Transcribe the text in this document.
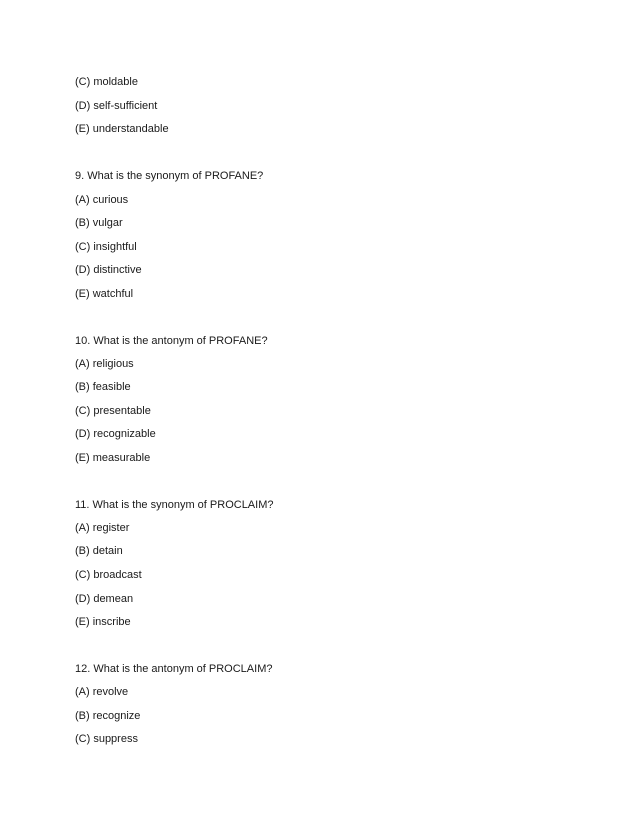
(C) moldable
(D) self-sufficient
(E) understandable
9. What is the synonym of PROFANE?
(A) curious
(B) vulgar
(C) insightful
(D) distinctive
(E) watchful
10. What is the antonym of PROFANE?
(A) religious
(B) feasible
(C) presentable
(D) recognizable
(E) measurable
11. What is the synonym of PROCLAIM?
(A) register
(B) detain
(C) broadcast
(D) demean
(E) inscribe
12. What is the antonym of PROCLAIM?
(A) revolve
(B) recognize
(C) suppress
